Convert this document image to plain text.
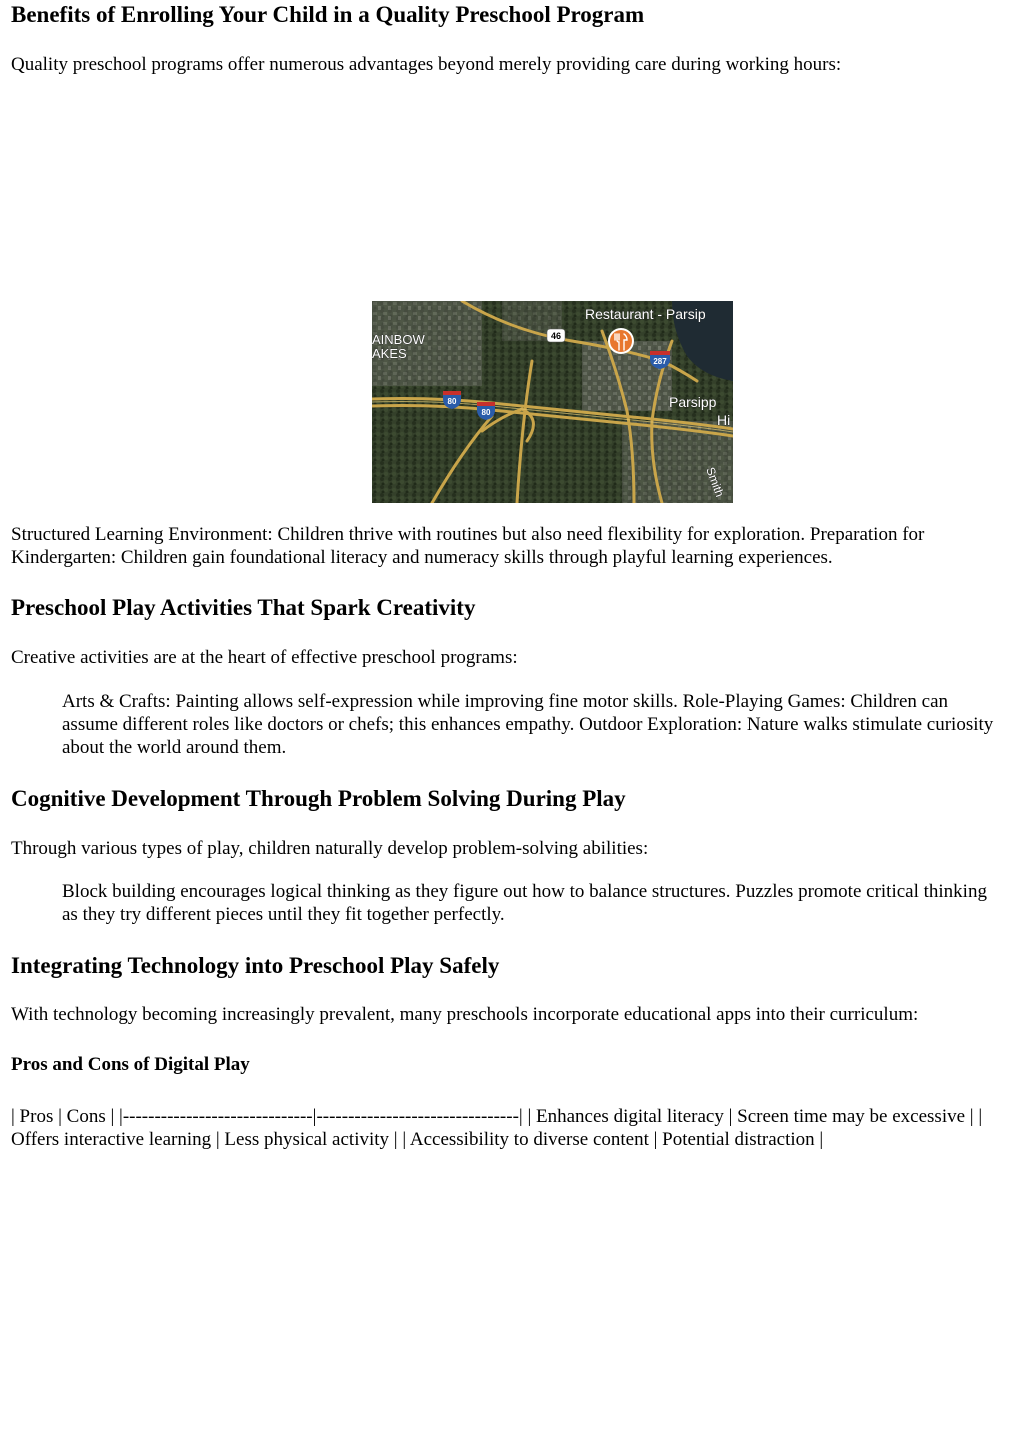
Benefits of Enrolling Your Child in a Quality Preschool Program

Quality preschool programs offer numerous advantages beyond merely providing care during working hours:

46
287
80
80
Restaurant - Parsip
AINBOW
AKES
Parsipp
Hi
Smith

Structured Learning Environment: Children thrive with routines but also need flexibility for exploration. Preparation for Kindergarten: Children gain foundational literacy and numeracy skills through playful learning experiences.

Preschool Play Activities That Spark Creativity

Creative activities are at the heart of effective preschool programs:

Arts & Crafts: Painting allows self-expression while improving fine motor skills. Role-Playing Games: Children can assume different roles like doctors or chefs; this enhances empathy. Outdoor Exploration: Nature walks stimulate curiosity about the world around them.

Cognitive Development Through Problem Solving During Play

Through various types of play, children naturally develop problem-solving abilities:

Block building encourages logical thinking as they figure out how to balance structures. Puzzles promote critical thinking as they try different pieces until they fit together perfectly.

Integrating Technology into Preschool Play Safely

With technology becoming increasingly prevalent, many preschools incorporate educational apps into their curriculum:

Pros and Cons of Digital Play

| Pros | Cons | |------------------------------|--------------------------------| | Enhances digital literacy | Screen time may be excessive | | Offers interactive learning | Less physical activity | | Accessibility to diverse content | Potential distraction |
